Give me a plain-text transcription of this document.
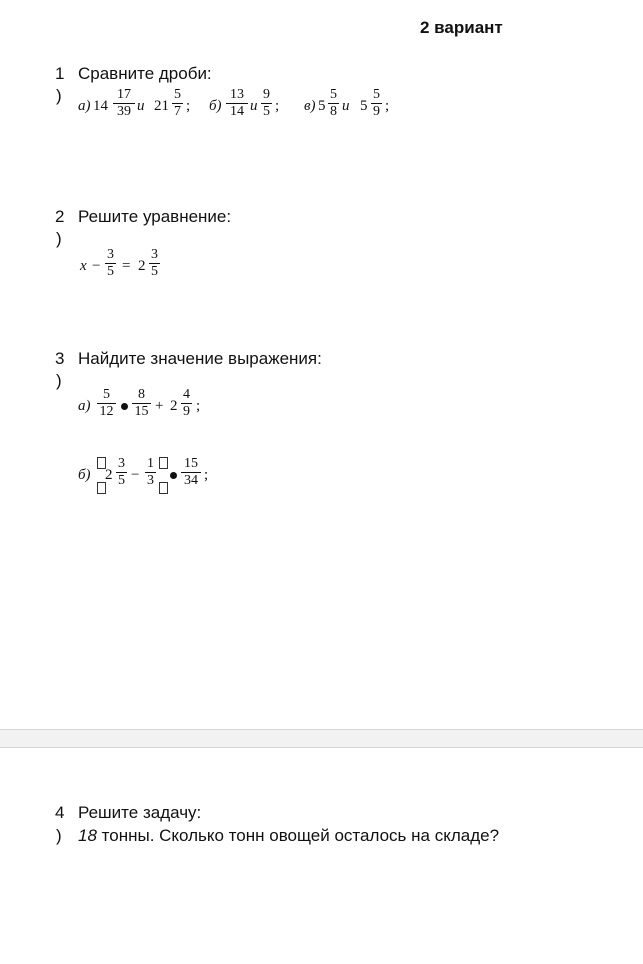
2 вариант
1
)
Сравните дроби:
а) $14 \frac{17}{39}$ и $21 \frac{5}{7}$ ; $б) \frac{13}{14}$ и $\frac{9}{5}$ ; в) $5 \frac{5}{8}$ и $5 \frac{5}{9}$ ;
2
)
Решите уравнение:
$x - \frac{3}{5} = 2 \frac{3}{5}$
3
)
Найдите значение выражения:
$а) \frac{5}{12} \frac{8}{15} + 2 \frac{4}{9}$ ;
б) $2 \frac{3}{5} - \frac{1}{3} \frac{15}{34}$ ;
4
)
Решите задачу:
18 тонны. Сколько тонн овощей осталось на складе?
